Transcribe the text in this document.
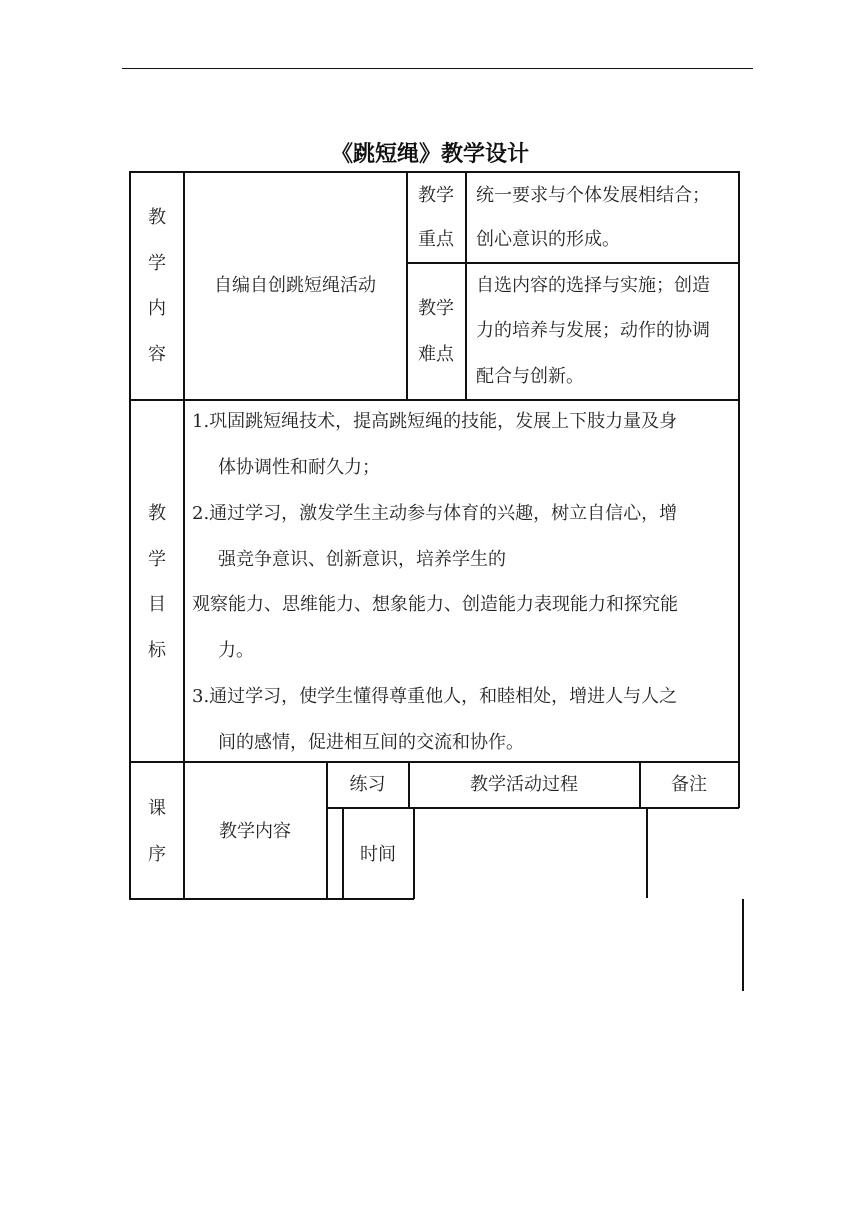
《跳短绳》教学设计
教
学
内
容
自编自创跳短绳活动
教学
重点
统一要求与个体发展相结合；
创心意识的形成。
教学
难点
自选内容的选择与实施；创造
力的培养与发展；动作的协调
配合与创新。
教
学
目
标
1.巩固跳短绳技术，提高跳短绳的技能，发展上下肢力量及身
体协调性和耐久力；
2.通过学习，激发学生主动参与体育的兴趣，树立自信心，增
强竞争意识、创新意识，培养学生的
观察能力、思维能力、想象能力、创造能力表现能力和探究能
力。
3.通过学习，使学生懂得尊重他人，和睦相处，增进人与人之
间的感情，促进相互间的交流和协作。
课
序
教学内容
练习
时间
教学活动过程	备注
